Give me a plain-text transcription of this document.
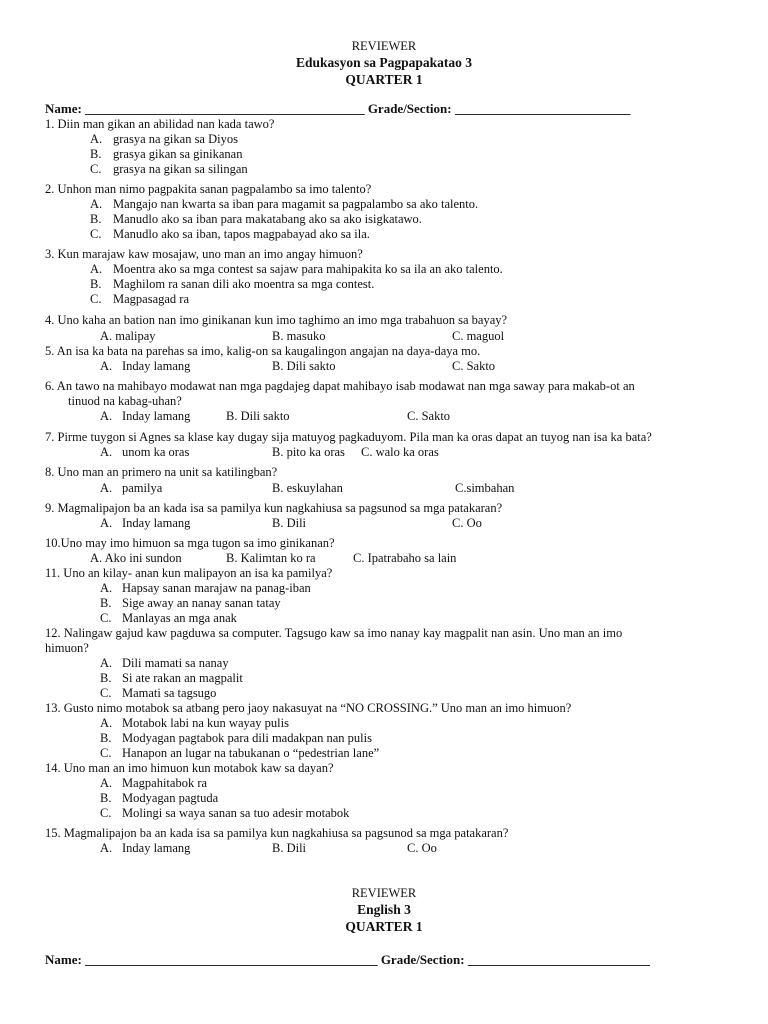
REVIEWER
Edukasyon sa Pagpapakatao 3
QUARTER 1
Name: ___________________________________________ Grade/Section: ___________________________
1. Diin man gikan an abilidad nan kada tawo?
A. grasya na gikan sa Diyos
B. grasya gikan sa ginikanan
C. grasya na gikan sa silingan
2. Unhon man nimo pagpakita sanan pagpalambo sa imo talento?
A. Mangajo nan kwarta sa iban para magamit sa pagpalambo sa ako talento.
B. Manudlo ako sa iban para makatabang ako sa ako isigkatawo.
C. Manudlo ako sa iban, tapos magpabayad ako sa ila.
3. Kun marajaw kaw mosajaw, uno man an imo angay himuon?
A. Moentra ako sa mga contest sa sajaw para mahipakita ko sa ila an ako talento.
B. Maghilom ra sanan dili ako moentra sa mga contest.
C. Magpasagad ra
4. Uno kaha an bation nan imo ginikanan kun imo taghimo an imo mga trabahuon sa bayay?
A. malipay	B. masuko	C. maguol
5. An isa ka bata na parehas sa imo, kalig-on sa kaugalingon angajan na daya-daya mo.
A. Inday lamang	B. Dili sakto	C. Sakto
6. An tawo na mahibayo modawat nan mga pagdajeg dapat mahibayo isab modawat nan mga saway para makab-ot an
tinuod na kabag-uhan?
A. Inday lamang	B. Dili sakto	C. Sakto
7. Pirme tuygon si Agnes sa klase kay dugay sija matuyog pagkaduyom. Pila man ka oras dapat an tuyog nan isa ka bata?
A. unom ka oras	B. pito ka oras C. walo ka oras
8. Uno man an primero na unit sa katilingban?
A. pamilya	B. eskuylahan	C.simbahan
9. Magmalipajon ba an kada isa sa pamilya kun nagkahiusa sa pagsunod sa mga patakaran?
A. Inday lamang	B. Dili	C. Oo
10.Uno may imo himuon sa mga tugon sa imo ginikanan?
A. Ako ini sundon	B. Kalimtan ko ra	C. Ipatrabaho sa lain
11. Uno an kilay- anan kun malipayon an isa ka pamilya?
A. Hapsay sanan marajaw na panag-iban
B. Sige away an nanay sanan tatay
C. Manlayas an mga anak
12. Nalingaw gajud kaw pagduwa sa computer. Tagsugo kaw sa imo nanay kay magpalit nan asin. Uno man an imo
himuon?
A. Dili mamati sa nanay
B. Si ate rakan an magpalit
C. Mamati sa tagsugo
13. Gusto nimo motabok sa atbang pero jaoy nakasuyat na “NO CROSSING.” Uno man an imo himuon?
A. Motabok labi na kun wayay pulis
B. Modyagan pagtabok para dili madakpan nan pulis
C. Hanapon an lugar na tabukanan o “pedestrian lane”
14. Uno man an imo himuon kun motabok kaw sa dayan?
A. Magpahitabok ra
B. Modyagan pagtuda
C. Molingi sa waya sanan sa tuo adesir motabok
15. Magmalipajon ba an kada isa sa pamilya kun nagkahiusa sa pagsunod sa mga patakaran?
A. Inday lamang	B. Dili	C. Oo
REVIEWER
English 3
QUARTER 1
Name: _____________________________________________ Grade/Section: ____________________________
